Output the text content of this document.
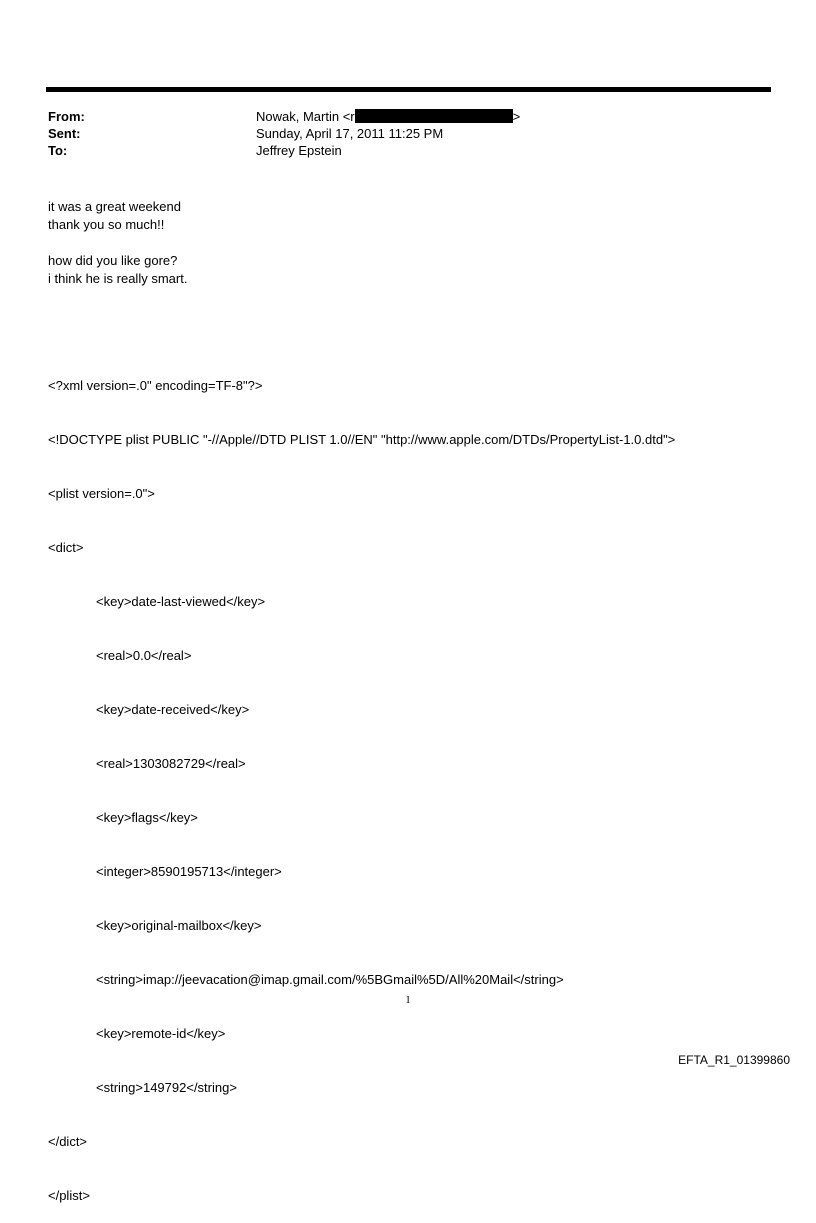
From:	Nowak, Martin <r	>
Sent:	Sunday, April 17, 2011 11:25 PM
To:	Jeffrey Epstein
it was a great weekend
thank you so much!!
how did you like gore?
i think he is really smart.

<?xml version=.0" encoding=TF-8"?>

<!DOCTYPE plist PUBLIC "-//Apple//DTD PLIST 1.0//EN" "http://www.apple.com/DTDs/PropertyList-1.0.dtd">

<plist version=.0">

<dict>

<key>date-last-viewed</key>

<real>0.0</real>

<key>date-received</key>

<real>1303082729</real>

<key>flags</key>

<integer>8590195713</integer>

<key>original-mailbox</key>

<string>imap://jeevacation@imap.gmail.com/%5BGmail%5D/All%20Mail</string>

<key>remote-id</key>

<string>149792</string>

</dict>

</plist>

1
EFTA_R1_01399860
